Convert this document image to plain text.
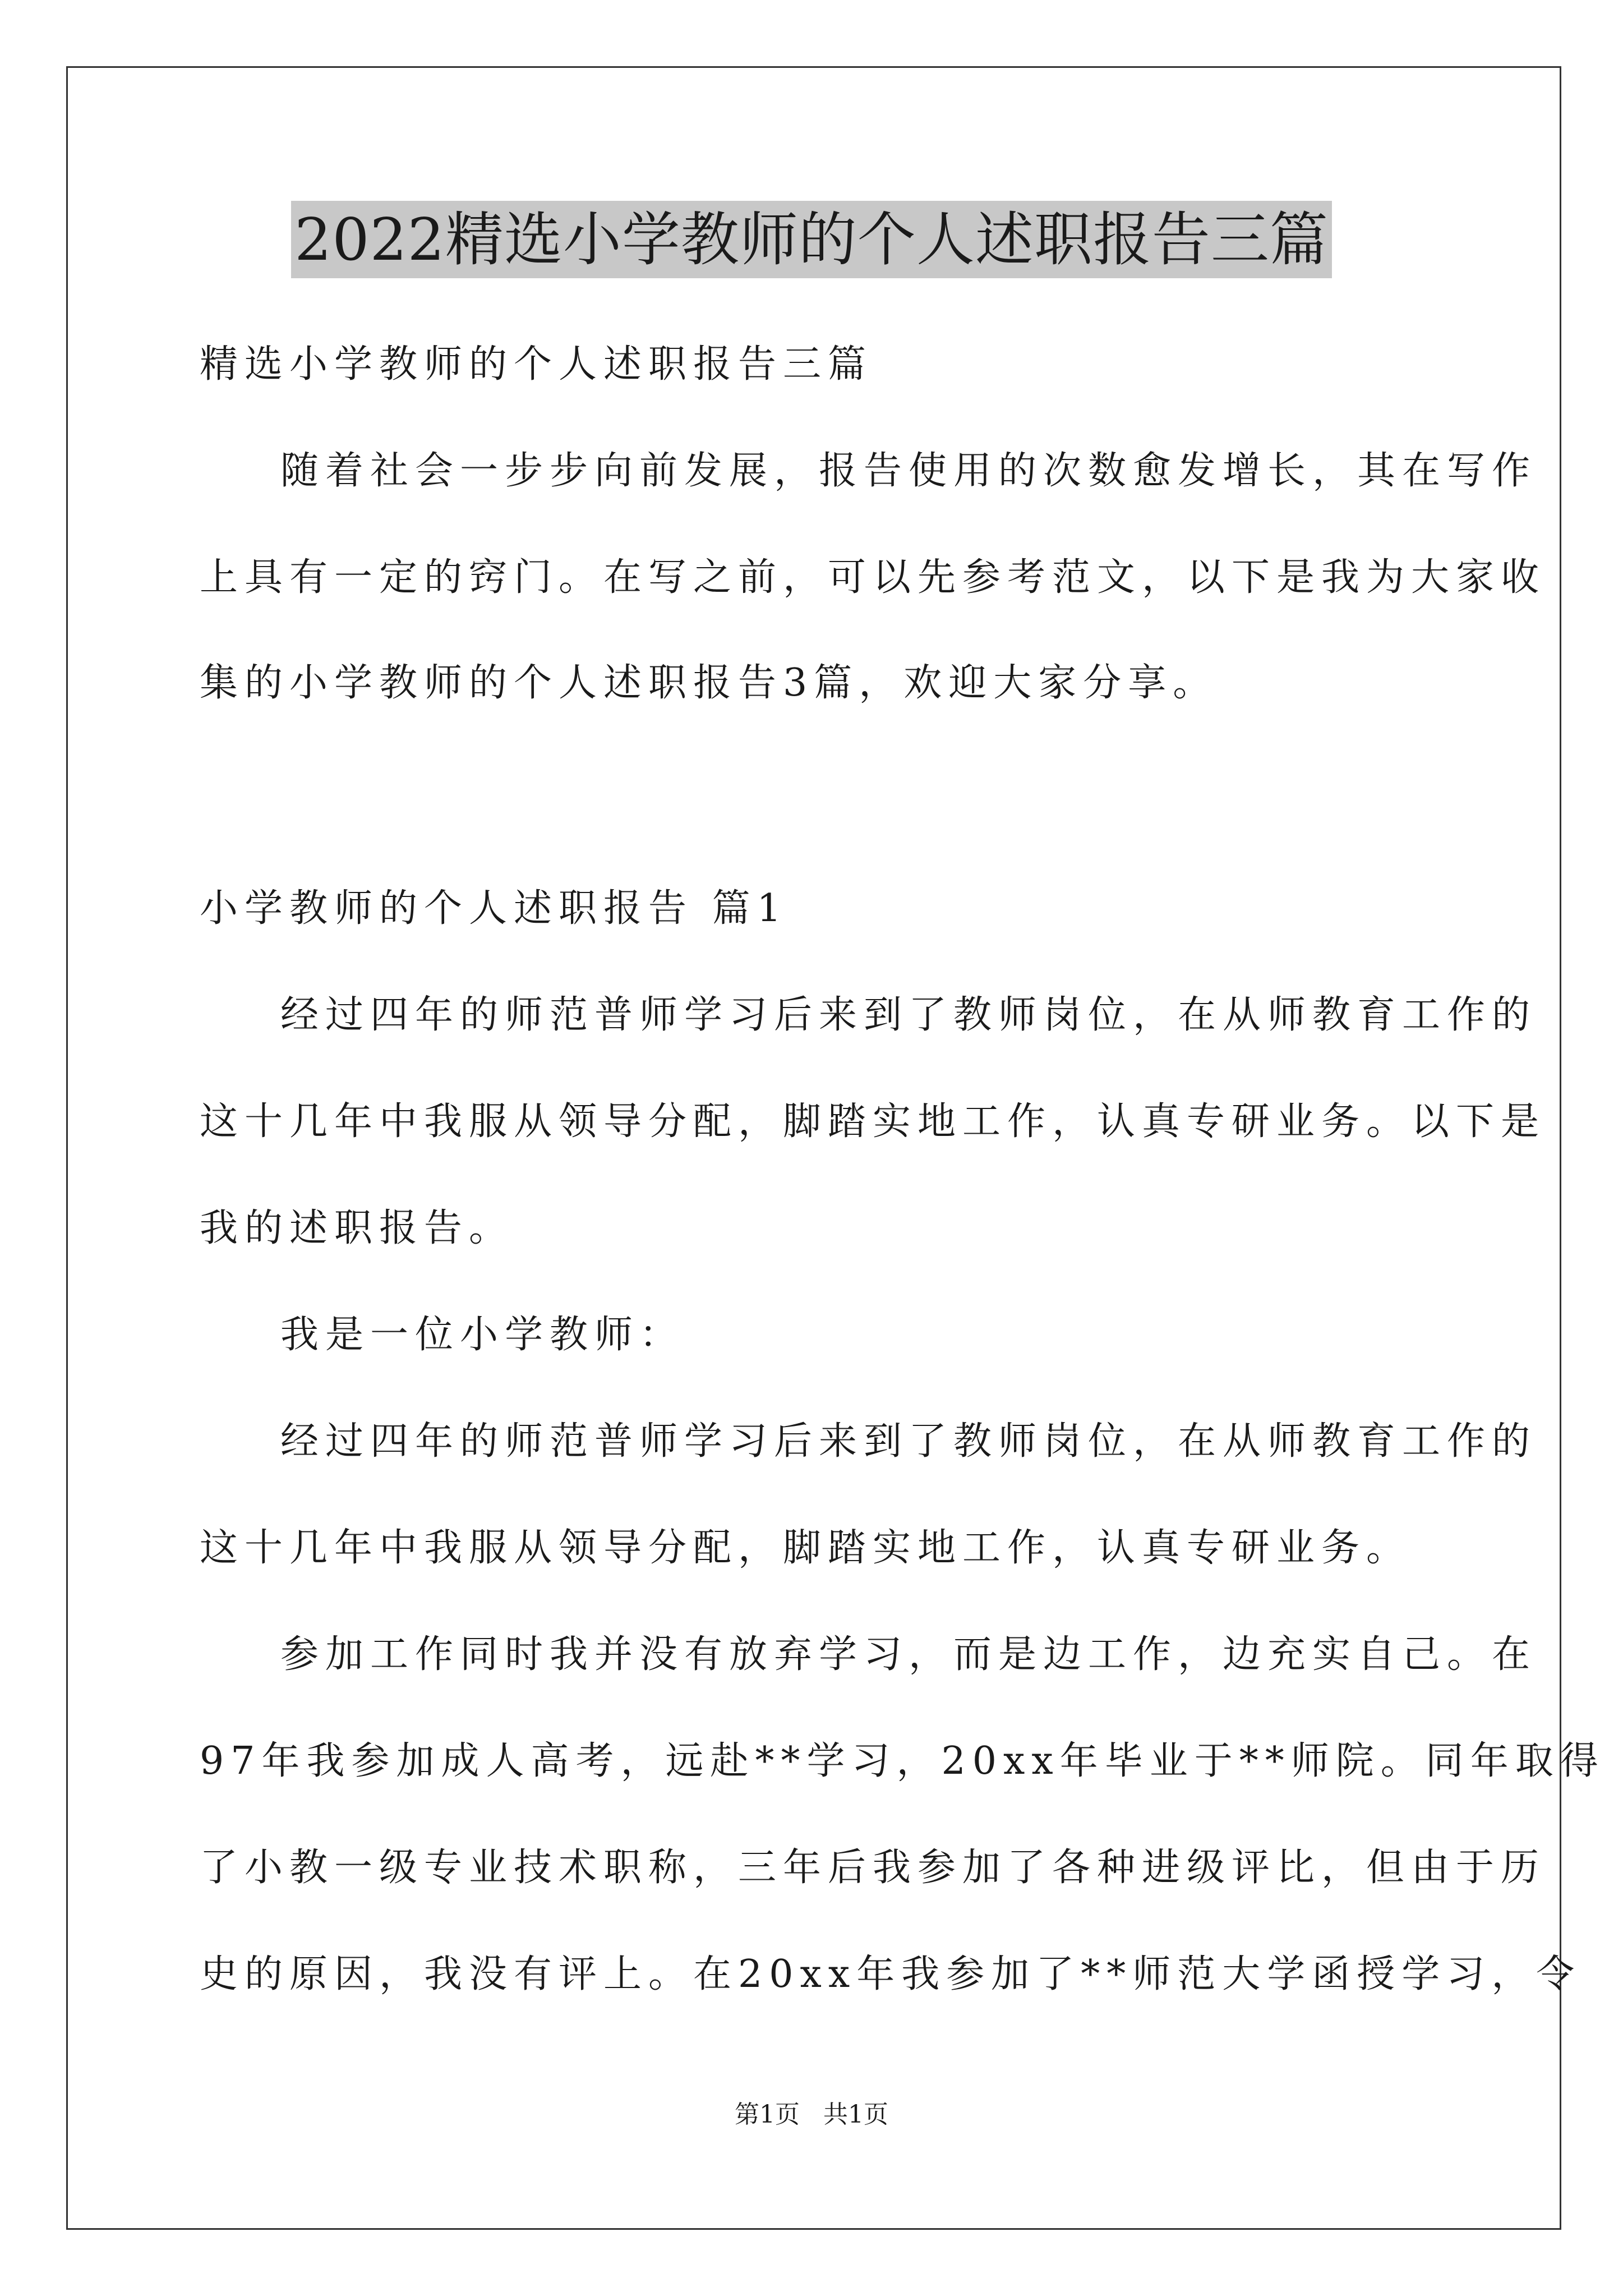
2022精选小学教师的个人述职报告三篇
精选小学教师的个人述职报告三篇
随着社会一步步向前发展，报告使用的次数愈发增长，其在写作
上具有一定的窍门。在写之前，可以先参考范文，以下是我为大家收
集的小学教师的个人述职报告3篇，欢迎大家分享。
小学教师的个人述职报告 篇1
经过四年的师范普师学习后来到了教师岗位，在从师教育工作的
这十几年中我服从领导分配，脚踏实地工作，认真专研业务。以下是
我的述职报告。
我是一位小学教师：
经过四年的师范普师学习后来到了教师岗位，在从师教育工作的
这十几年中我服从领导分配，脚踏实地工作，认真专研业务。
参加工作同时我并没有放弃学习，而是边工作，边充实自己。在
97年我参加成人高考，远赴**学习，20xx年毕业于**师院。同年取得
了小教一级专业技术职称，三年后我参加了各种进级评比，但由于历
史的原因，我没有评上。在20xx年我参加了**师范大学函授学习，令
第1页   共1页
